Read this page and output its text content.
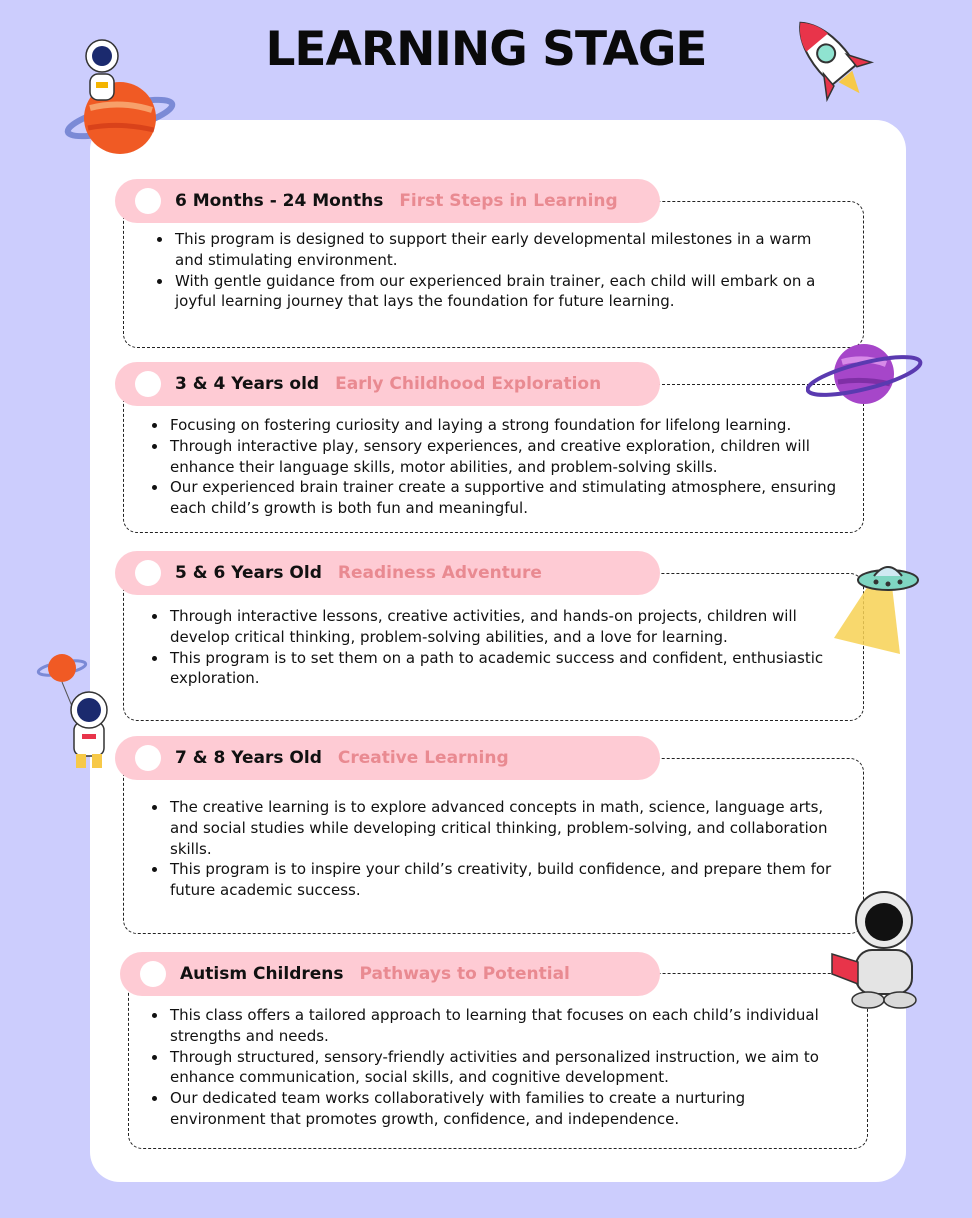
LEARNING STAGE
6 Months - 24 Months First Steps in Learning
This program is designed to support their early developmental milestones in a warm and stimulating environment.
With gentle guidance from our experienced brain trainer, each child will embark on a joyful learning journey that lays the foundation for future learning.
3 & 4 Years old Early Childhood Exploration
Focusing on fostering curiosity and laying a strong foundation for lifelong learning.
Through interactive play, sensory experiences, and creative exploration, children will enhance their language skills, motor abilities, and problem-solving skills.
Our experienced brain trainer create a supportive and stimulating atmosphere, ensuring each child’s growth is both fun and meaningful.
5 & 6 Years Old Readiness Adventure
Through interactive lessons, creative activities, and hands-on projects, children will develop critical thinking, problem-solving abilities, and a love for learning.
This program is to set them on a path to academic success and confident, enthusiastic exploration.
7 & 8 Years Old Creative Learning
The creative learning is to explore advanced concepts in math, science, language arts, and social studies while developing critical thinking, problem-solving, and collaboration skills.
This program is to inspire your child’s creativity, build confidence, and prepare them for future academic success.
Autism Childrens Pathways to Potential
This class offers a tailored approach to learning that focuses on each child’s individual strengths and needs.
Through structured, sensory-friendly activities and personalized instruction, we aim to enhance communication, social skills, and cognitive development.
Our dedicated team works collaboratively with families to create a nurturing environment that promotes growth, confidence, and independence.
